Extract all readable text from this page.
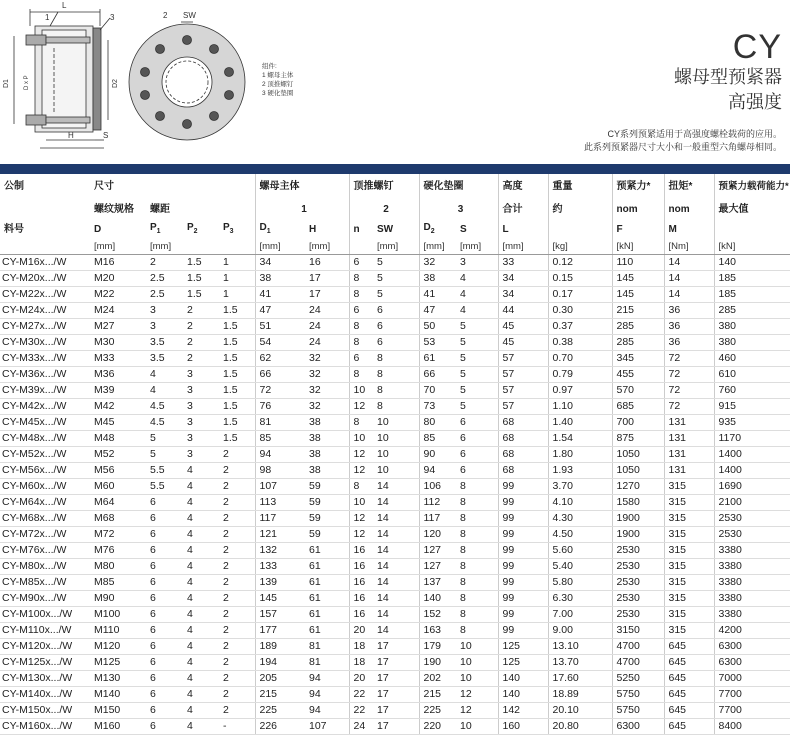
L
1	3
D1 D x P	D2
H	S
2 SW
组件:
1 螺母主体
2 顶推螺钉
3 硬化垫圈
CY
螺母型预紧器
高强度
CY系列预紧适用于高强度螺栓载荷的应用。
此系列预紧器尺寸大小和一般重型六角螺母相同。
公制	尺寸				螺母主体		顶推螺钉		硬化垫圈		高度	重量	预紧力*	扭矩*	预紧力载荷能力*
	螺纹规格	螺距			1		2		3		合计	约	nom	nom	最大值
料号	D	$P_1$	$P_2$	$P_3$	$D_1$	H	n	SW	$D_2$	S	L		F	M	
	[mm]	[mm]			[mm]	[mm]		[mm]	[mm]	[mm]	[mm]	[kg]	[kN]	[Nm]	[kN]
CY-M16x.../W	M16	2	1.5	1	34	16	6	5	32	3	33	0.12	110	14	140
CY-M20x.../W	M20	2.5	1.5	1	38	17	8	5	38	4	34	0.15	145	14	185
CY-M22x.../W	M22	2.5	1.5	1	41	17	8	5	41	4	34	0.17	145	14	185
CY-M24x.../W	M24	3	2	1.5	47	24	6	6	47	4	44	0.30	215	36	285
CY-M27x.../W	M27	3	2	1.5	51	24	8	6	50	5	45	0.37	285	36	380
CY-M30x.../W	M30	3.5	2	1.5	54	24	8	6	53	5	45	0.38	285	36	380
CY-M33x.../W	M33	3.5	2	1.5	62	32	6	8	61	5	57	0.70	345	72	460
CY-M36x.../W	M36	4	3	1.5	66	32	8	8	66	5	57	0.79	455	72	610
CY-M39x.../W	M39	4	3	1.5	72	32	10	8	70	5	57	0.97	570	72	760
CY-M42x.../W	M42	4.5	3	1.5	76	32	12	8	73	5	57	1.10	685	72	915
CY-M45x.../W	M45	4.5	3	1.5	81	38	8	10	80	6	68	1.40	700	131	935
CY-M48x.../W	M48	5	3	1.5	85	38	10	10	85	6	68	1.54	875	131	1170
CY-M52x.../W	M52	5	3	2	94	38	12	10	90	6	68	1.80	1050	131	1400
CY-M56x.../W	M56	5.5	4	2	98	38	12	10	94	6	68	1.93	1050	131	1400
CY-M60x.../W	M60	5.5	4	2	107	59	8	14	106	8	99	3.70	1270	315	1690
CY-M64x.../W	M64	6	4	2	113	59	10	14	112	8	99	4.10	1580	315	2100
CY-M68x.../W	M68	6	4	2	117	59	12	14	117	8	99	4.30	1900	315	2530
CY-M72x.../W	M72	6	4	2	121	59	12	14	120	8	99	4.50	1900	315	2530
CY-M76x.../W	M76	6	4	2	132	61	16	14	127	8	99	5.60	2530	315	3380
CY-M80x.../W	M80	6	4	2	133	61	16	14	127	8	99	5.40	2530	315	3380
CY-M85x.../W	M85	6	4	2	139	61	16	14	137	8	99	5.80	2530	315	3380
CY-M90x.../W	M90	6	4	2	145	61	16	14	140	8	99	6.30	2530	315	3380
CY-M100x.../W	M100	6	4	2	157	61	16	14	152	8	99	7.00	2530	315	3380
CY-M110x.../W	M110	6	4	2	177	61	20	14	163	8	99	9.00	3150	315	4200
CY-M120x.../W	M120	6	4	2	189	81	18	17	179	10	125	13.10	4700	645	6300
CY-M125x.../W	M125	6	4	2	194	81	18	17	190	10	125	13.70	4700	645	6300
CY-M130x.../W	M130	6	4	2	205	94	20	17	202	10	140	17.60	5250	645	7000
CY-M140x.../W	M140	6	4	2	215	94	22	17	215	12	140	18.89	5750	645	7700
CY-M150x.../W	M150	6	4	2	225	94	22	17	225	12	142	20.10	5750	645	7700
CY-M160x.../W	M160	6	4	-	226	107	24	17	220	10	160	20.80	6300	645	8400
